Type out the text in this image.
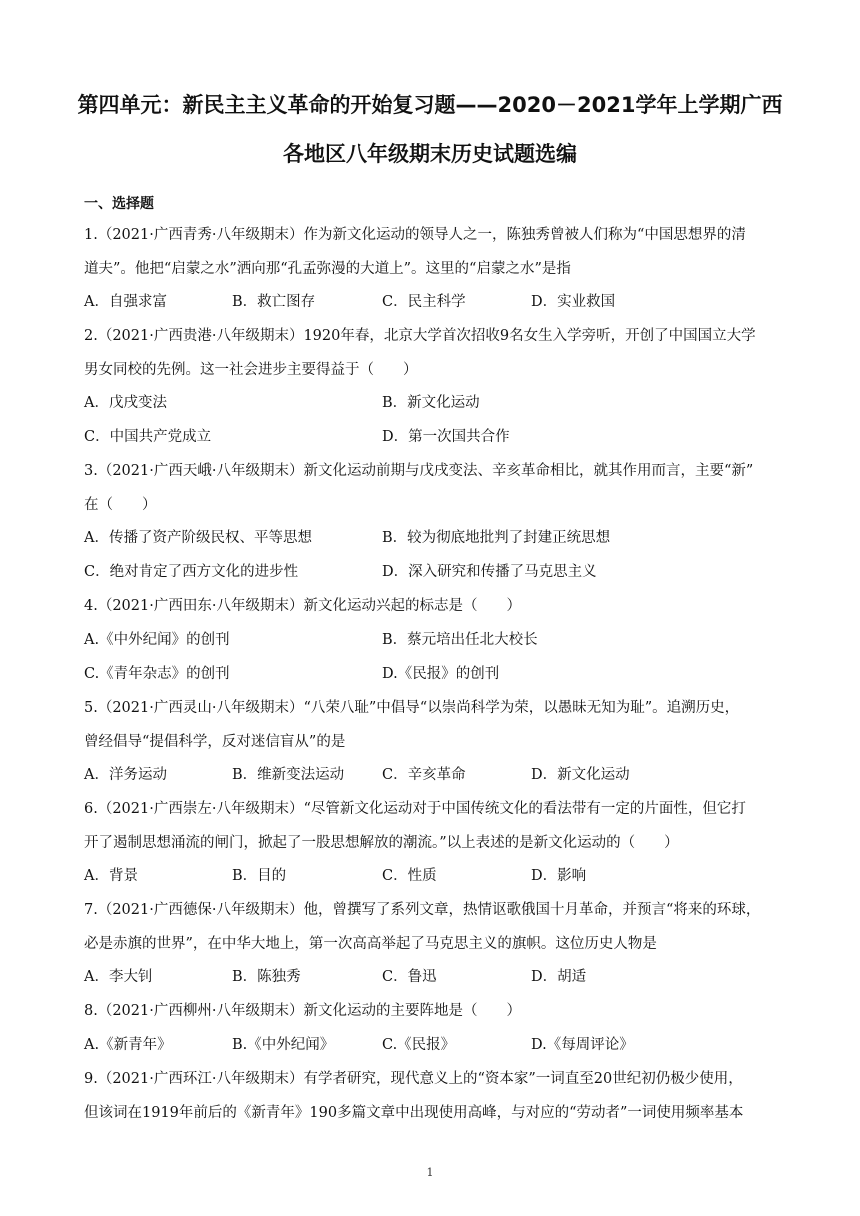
第四单元：新民主主义革命的开始复习题——2020－2021学年上学期广西
各地区八年级期末历史试题选编
一、选择题
1.（2021·广西青秀·八年级期末）作为新文化运动的领导人之一，陈独秀曾被人们称为“中国思想界的清
道夫”。他把“启蒙之水”洒向那“孔孟弥漫的大道上”。这里的“启蒙之水”是指
A．自强求富	B．救亡图存	C．民主科学	D．实业救国
2.（2021·广西贵港·八年级期末）1920年春，北京大学首次招收9名女生入学旁听，开创了中国国立大学
男女同校的先例。这一社会进步主要得益于（　　）
A．戊戌变法	B．新文化运动
C．中国共产党成立	D．第一次国共合作
3.（2021·广西天峨·八年级期末）新文化运动前期与戊戌变法、辛亥革命相比，就其作用而言，主要“新”
在（　　）
A．传播了资产阶级民权、平等思想	B．较为彻底地批判了封建正统思想
C．绝对肯定了西方文化的进步性	D．深入研究和传播了马克思主义
4.（2021·广西田东·八年级期末）新文化运动兴起的标志是（　　）
A.《中外纪闻》的创刊	B．蔡元培出任北大校长
C.《青年杂志》的创刊	D.《民报》的创刊
5.（2021·广西灵山·八年级期末）“八荣八耻”中倡导“以崇尚科学为荣，以愚昧无知为耻”。追溯历史，
曾经倡导“提倡科学，反对迷信盲从”的是
A．洋务运动	B．维新变法运动	C．辛亥革命	D．新文化运动
6.（2021·广西崇左·八年级期末）“尽管新文化运动对于中国传统文化的看法带有一定的片面性，但它打
开了遏制思想涌流的闸门，掀起了一股思想解放的潮流。”以上表述的是新文化运动的（　　）
A．背景	B．目的	C．性质	D．影响
7.（2021·广西德保·八年级期末）他，曾撰写了系列文章，热情讴歌俄国十月革命，并预言“将来的环球，
必是赤旗的世界”，在中华大地上，第一次高高举起了马克思主义的旗帜。这位历史人物是
A．李大钊	B．陈独秀	C．鲁迅	D．胡适
8.（2021·广西柳州·八年级期末）新文化运动的主要阵地是（　　）
A.《新青年》	B.《中外纪闻》	C.《民报》	D.《每周评论》
9.（2021·广西环江·八年级期末）有学者研究，现代意义上的“资本家”一词直至20世纪初仍极少使用，
但该词在1919年前后的《新青年》190多篇文章中出现使用高峰，与对应的“劳动者”一词使用频率基本
1
